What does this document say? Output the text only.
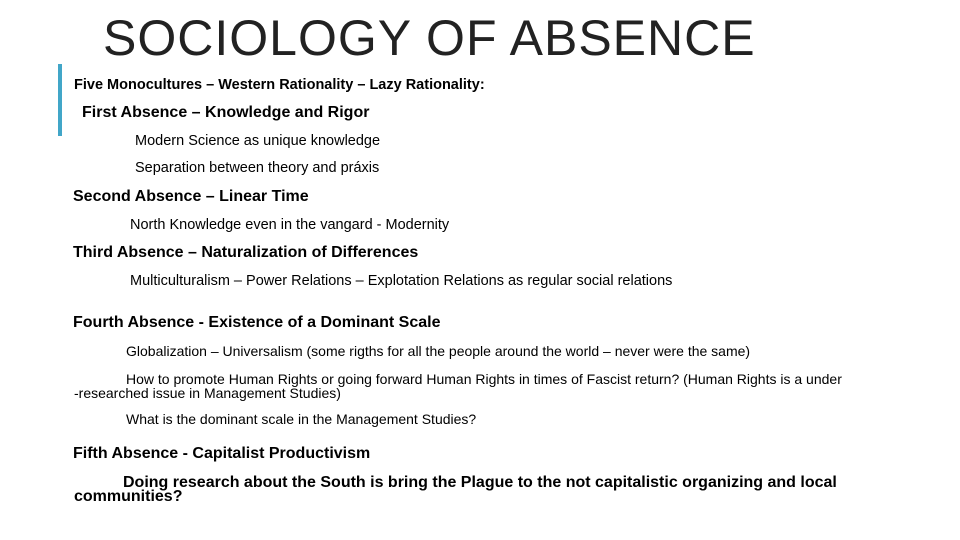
SOCIOLOGY OF ABSENCE
Five Monocultures – Western Rationality – Lazy Rationality:
First Absence – Knowledge and Rigor
Modern Science as unique knowledge
Separation between theory and práxis
Second Absence – Linear Time
North Knowledge even in the vangard - Modernity
Third Absence – Naturalization of Differences
Multiculturalism – Power Relations – Explotation Relations as regular social relations
Fourth Absence - Existence of a Dominant Scale
Globalization – Universalism (some rigths for all the people around the world – never were the same)
How to promote Human Rights or going forward Human Rights in times of Fascist return? (Human Rights is a under
-researched issue in Management Studies)
What is the dominant scale in the Management Studies?
Fifth Absence - Capitalist Productivism
Doing research about the South is bring the Plague to the not capitalistic organizing and local
communities?
